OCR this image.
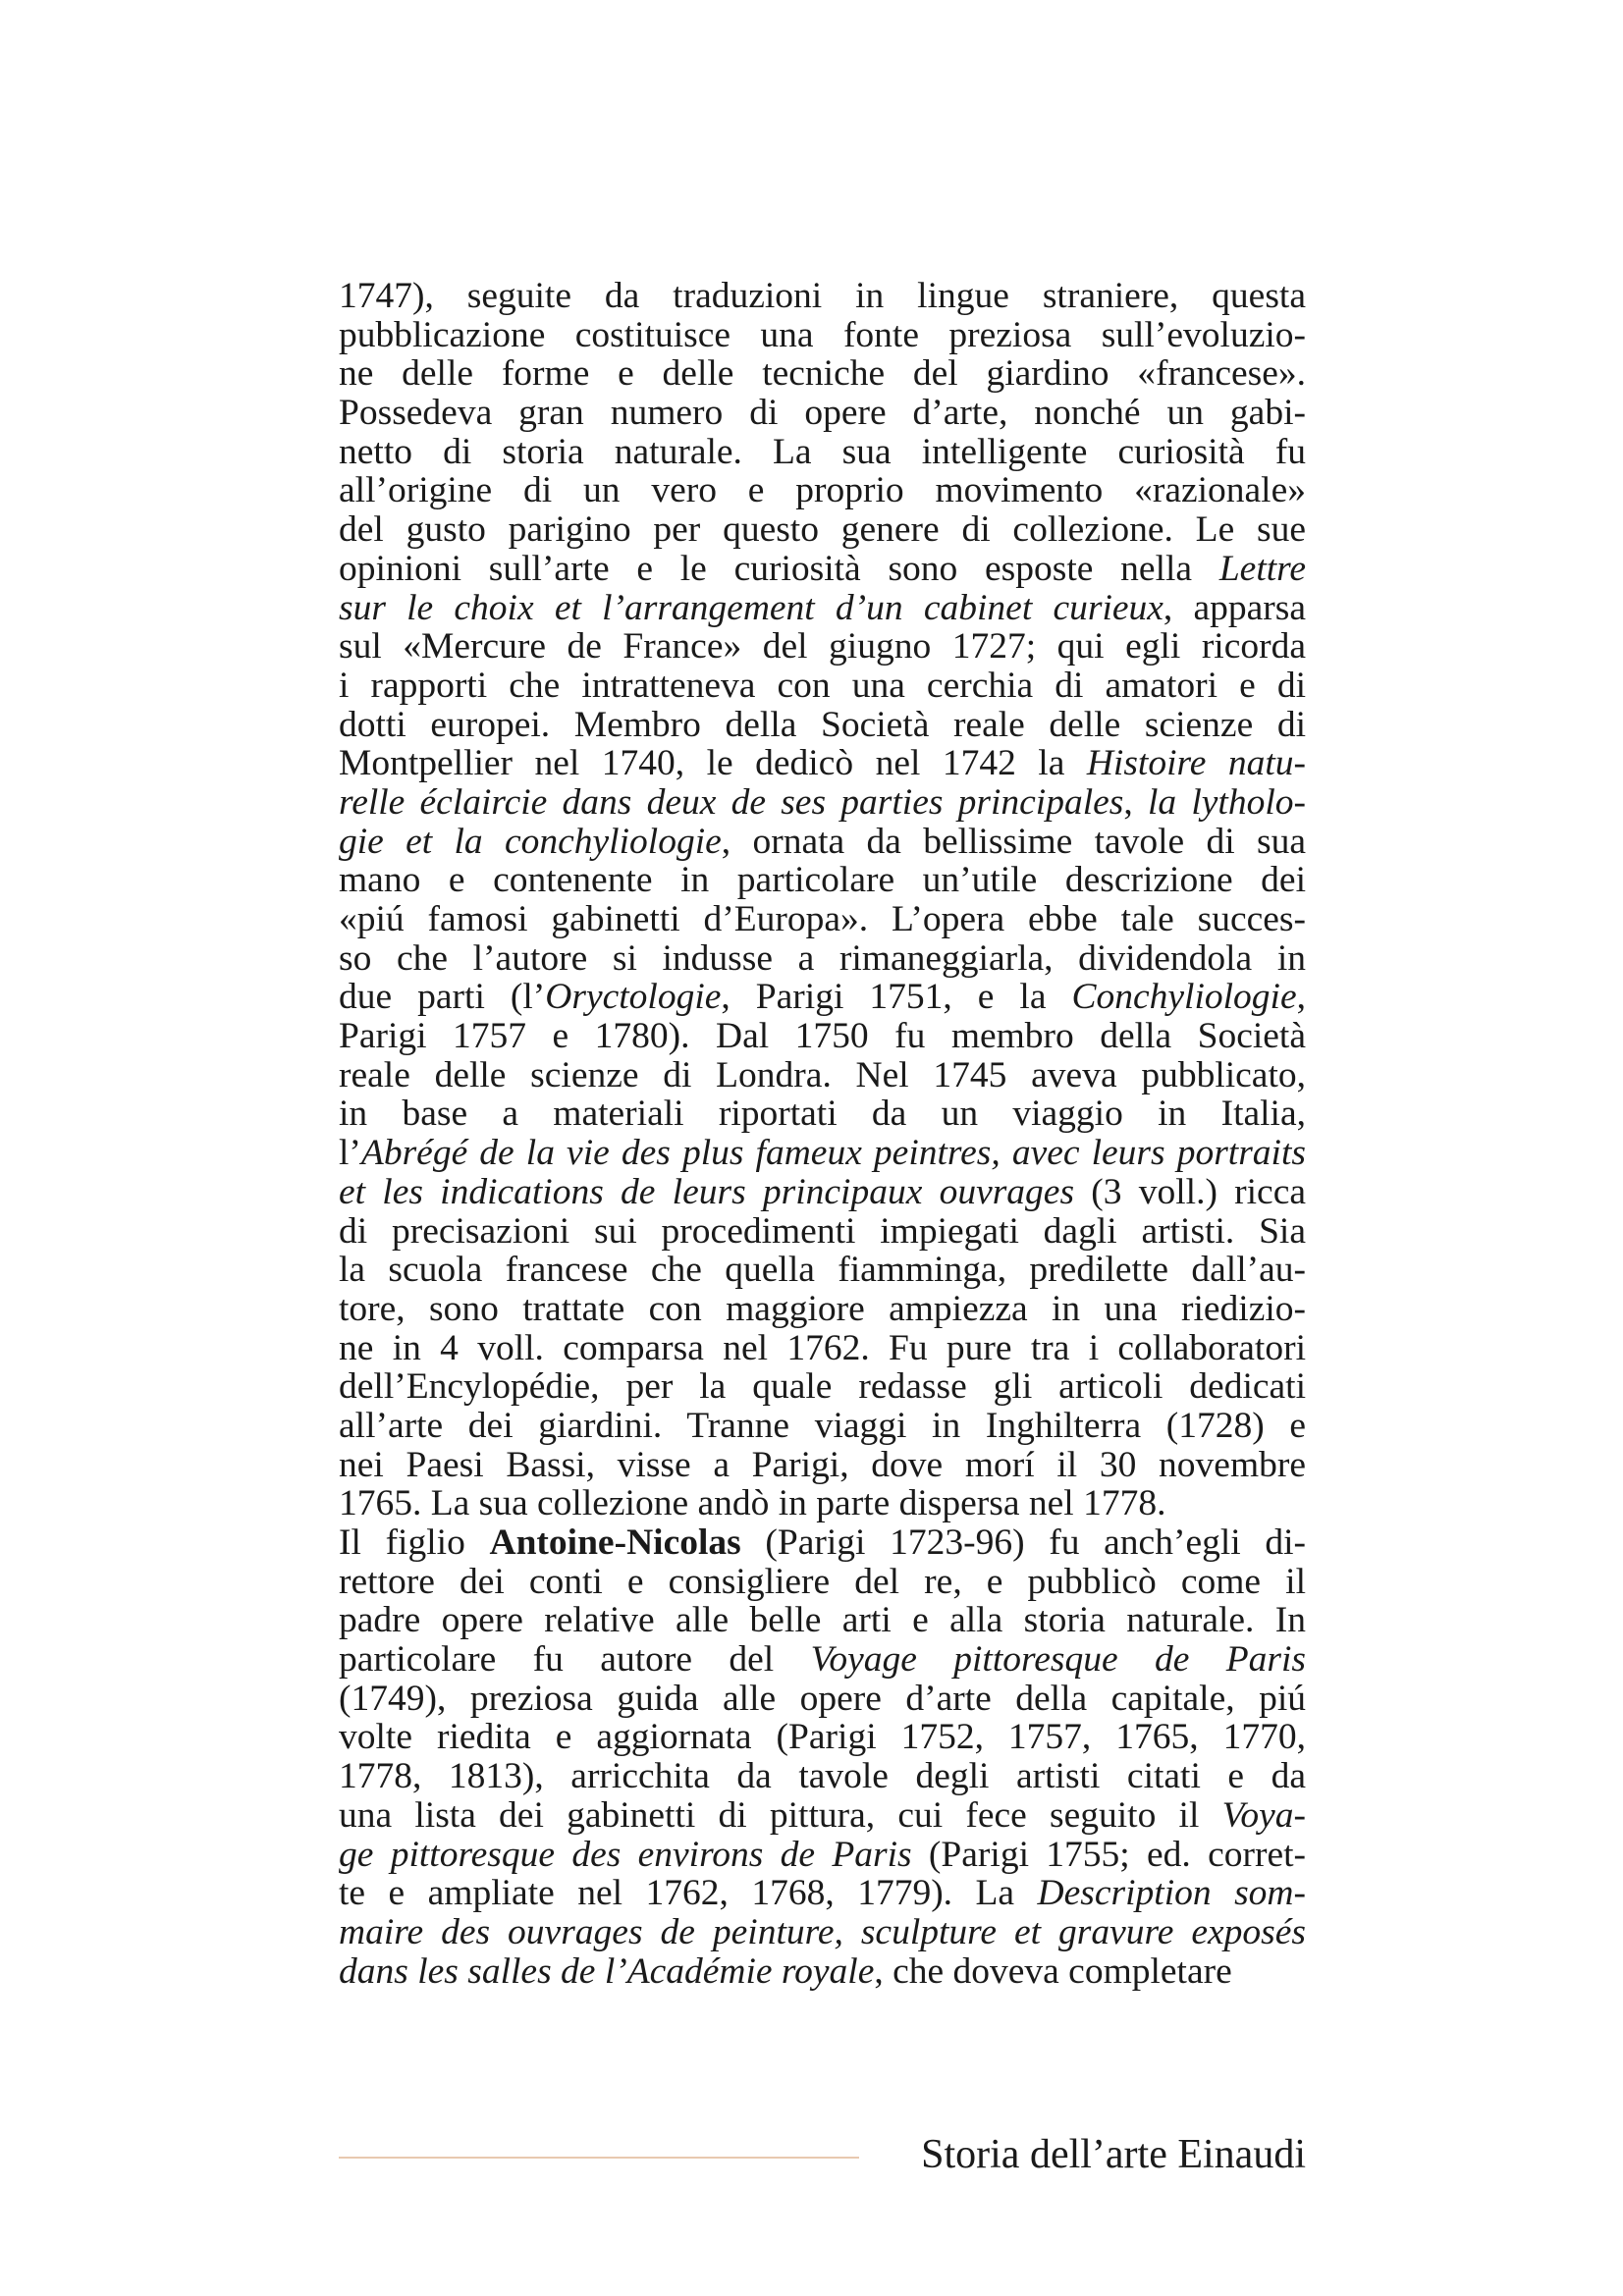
1747), seguite da traduzioni in lingue straniere, questa
pubblicazione costituisce una fonte preziosa sull’evoluzio-
ne delle forme e delle tecniche del giardino «francese».
Possedeva gran numero di opere d’arte, nonché un gabi-
netto di storia naturale. La sua intelligente curiosità fu
all’origine di un vero e proprio movimento «razionale»
del gusto parigino per questo genere di collezione. Le sue
opinioni sull’arte e le curiosità sono esposte nella Lettre
sur le choix et l’arrangement d’un cabinet curieux, apparsa
sul «Mercure de France» del giugno 1727; qui egli ricorda
i rapporti che intratteneva con una cerchia di amatori e di
dotti europei. Membro della Società reale delle scienze di
Montpellier nel 1740, le dedicò nel 1742 la Histoire natu-
relle éclaircie dans deux de ses parties principales, la lytholo-
gie et la conchyliologie, ornata da bellissime tavole di sua
mano e contenente in particolare un’utile descrizione dei
«piú famosi gabinetti d’Europa». L’opera ebbe tale succes-
so che l’autore si indusse a rimaneggiarla, dividendola in
due parti (l’Oryctologie, Parigi 1751, e la Conchyliologie,
Parigi 1757 e 1780). Dal 1750 fu membro della Società
reale delle scienze di Londra. Nel 1745 aveva pubblicato,
in base a materiali riportati da un viaggio in Italia,
l’Abrégé de la vie des plus fameux peintres, avec leurs portraits
et les indications de leurs principaux ouvrages (3 voll.) ricca
di precisazioni sui procedimenti impiegati dagli artisti. Sia
la scuola francese che quella fiamminga, predilette dall’au-
tore, sono trattate con maggiore ampiezza in una riedizio-
ne in 4 voll. comparsa nel 1762. Fu pure tra i collaboratori
dell’Encylopédie, per la quale redasse gli articoli dedicati
all’arte dei giardini. Tranne viaggi in Inghilterra (1728) e
nei Paesi Bassi, visse a Parigi, dove morí il 30 novembre
1765. La sua collezione andò in parte dispersa nel 1778.
Il figlio Antoine-Nicolas (Parigi 1723-96) fu anch’egli di-
rettore dei conti e consigliere del re, e pubblicò come il
padre opere relative alle belle arti e alla storia naturale. In
particolare fu autore del Voyage pittoresque de Paris
(1749), preziosa guida alle opere d’arte della capitale, piú
volte riedita e aggiornata (Parigi 1752, 1757, 1765, 1770,
1778, 1813), arricchita da tavole degli artisti citati e da
una lista dei gabinetti di pittura, cui fece seguito il Voya-
ge pittoresque des environs de Paris (Parigi 1755; ed. corret-
te e ampliate nel 1762, 1768, 1779). La Description som-
maire des ouvrages de peinture, sculpture et gravure exposés
dans les salles de l’Académie royale, che doveva completare
Storia dell’arte Einaudi
